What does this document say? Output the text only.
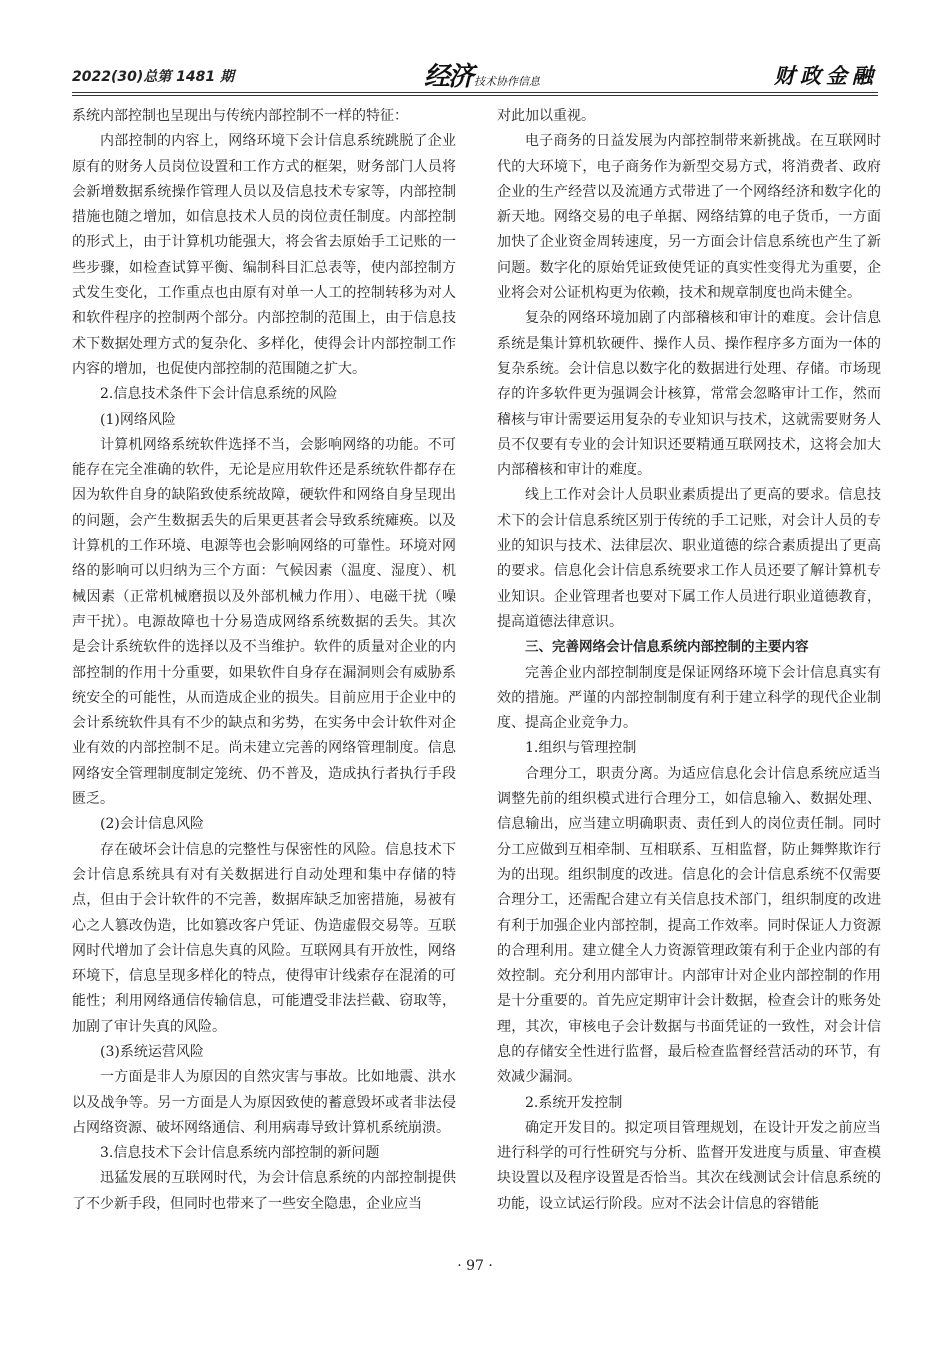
2022(30)总第 1481 期	经济 技术协作信息	财政金融

系统内部控制也呈现出与传统内部控制不一样的特征：

内部控制的内容上，网络环境下会计信息系统跳脱了企业原有的财务人员岗位设置和工作方式的框架，财务部门人员将会新增数据系统操作管理人员以及信息技术专家等，内部控制措施也随之增加，如信息技术人员的岗位责任制度。内部控制的形式上，由于计算机功能强大，将会省去原始手工记账的一些步骤，如检查试算平衡、编制科目汇总表等，使内部控制方式发生变化，工作重点也由原有对单一人工的控制转移为对人和软件程序的控制两个部分。内部控制的范围上，由于信息技术下数据处理方式的复杂化、多样化，使得会计内部控制工作内容的增加，也促使内部控制的范围随之扩大。

2.信息技术条件下会计信息系统的风险

(1)网络风险

计算机网络系统软件选择不当，会影响网络的功能。不可能存在完全准确的软件，无论是应用软件还是系统软件都存在因为软件自身的缺陷致使系统故障，硬软件和网络自身呈现出的问题，会产生数据丢失的后果更甚者会导致系统瘫痪。以及计算机的工作环境、电源等也会影响网络的可靠性。环境对网络的影响可以归纳为三个方面：气候因素（温度、湿度）、机械因素（正常机械磨损以及外部机械力作用）、电磁干扰（噪声干扰）。电源故障也十分易造成网络系统数据的丢失。其次是会计系统软件的选择以及不当维护。软件的质量对企业的内部控制的作用十分重要，如果软件自身存在漏洞则会有威胁系统安全的可能性，从而造成企业的损失。目前应用于企业中的会计系统软件具有不少的缺点和劣势，在实务中会计软件对企业有效的内部控制不足。尚未建立完善的网络管理制度。信息网络安全管理制度制定笼统、仍不普及，造成执行者执行手段匮乏。

(2)会计信息风险

存在破坏会计信息的完整性与保密性的风险。信息技术下会计信息系统具有对有关数据进行自动处理和集中存储的特点，但由于会计软件的不完善，数据库缺乏加密措施，易被有心之人篡改伪造，比如篡改客户凭证、伪造虚假交易等。互联网时代增加了会计信息失真的风险。互联网具有开放性，网络环境下，信息呈现多样化的特点，使得审计线索存在混淆的可能性；利用网络通信传输信息，可能遭受非法拦截、窃取等，加剧了审计失真的风险。

(3)系统运营风险

一方面是非人为原因的自然灾害与事故。比如地震、洪水以及战争等。另一方面是人为原因致使的蓄意毁坏或者非法侵占网络资源、破坏网络通信、利用病毒导致计算机系统崩溃。

3.信息技术下会计信息系统内部控制的新问题

迅猛发展的互联网时代，为会计信息系统的内部控制提供了不少新手段，但同时也带来了一些安全隐患，企业应当

对此加以重视。

电子商务的日益发展为内部控制带来新挑战。在互联网时代的大环境下，电子商务作为新型交易方式，将消费者、政府企业的生产经营以及流通方式带进了一个网络经济和数字化的新天地。网络交易的电子单据、网络结算的电子货币，一方面加快了企业资金周转速度，另一方面会计信息系统也产生了新问题。数字化的原始凭证致使凭证的真实性变得尤为重要，企业将会对公证机构更为依赖，技术和规章制度也尚未健全。

复杂的网络环境加剧了内部稽核和审计的难度。会计信息系统是集计算机软硬件、操作人员、操作程序多方面为一体的复杂系统。会计信息以数字化的数据进行处理、存储。市场现存的许多软件更为强调会计核算，常常会忽略审计工作，然而稽核与审计需要运用复杂的专业知识与技术，这就需要财务人员不仅要有专业的会计知识还要精通互联网技术，这将会加大内部稽核和审计的难度。

线上工作对会计人员职业素质提出了更高的要求。信息技术下的会计信息系统区别于传统的手工记账，对会计人员的专业的知识与技术、法律层次、职业道德的综合素质提出了更高的要求。信息化会计信息系统要求工作人员还要了解计算机专业知识。企业管理者也要对下属工作人员进行职业道德教育，提高道德法律意识。

三、完善网络会计信息系统内部控制的主要内容

完善企业内部控制制度是保证网络环境下会计信息真实有效的措施。严谨的内部控制制度有利于建立科学的现代企业制度、提高企业竞争力。

1.组织与管理控制

合理分工，职责分离。为适应信息化会计信息系统应适当调整先前的组织模式进行合理分工，如信息输入、数据处理、信息输出，应当建立明确职责、责任到人的岗位责任制。同时分工应做到互相牵制、互相联系、互相监督，防止舞弊欺诈行为的出现。组织制度的改进。信息化的会计信息系统不仅需要合理分工，还需配合建立有关信息技术部门，组织制度的改进有利于加强企业内部控制，提高工作效率。同时保证人力资源的合理利用。建立健全人力资源管理政策有利于企业内部的有效控制。充分利用内部审计。内部审计对企业内部控制的作用是十分重要的。首先应定期审计会计数据，检查会计的账务处理，其次，审核电子会计数据与书面凭证的一致性，对会计信息的存储安全性进行监督，最后检查监督经营活动的环节，有效减少漏洞。

2.系统开发控制

确定开发目的。拟定项目管理规划，在设计开发之前应当进行科学的可行性研究与分析、监督开发进度与质量、审查模块设置以及程序设置是否恰当。其次在线测试会计信息系统的功能，设立试运行阶段。应对不法会计信息的容错能

· 97 ·
